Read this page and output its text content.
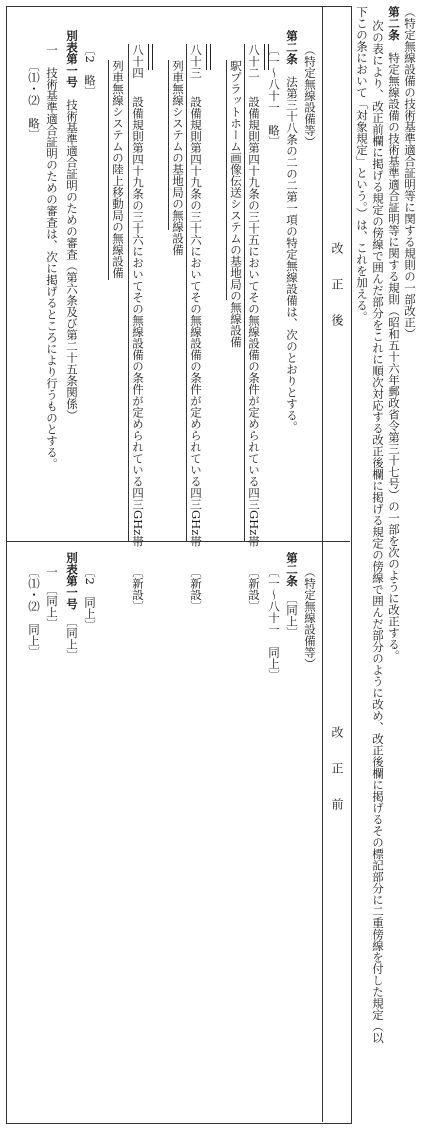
改　　正　　後
改　　正　　前
（特定無線設備等）
第二条　法第三十八条の二の二第一項の特定無線設備は、次のとおりとする。
〔一～八十一　略〕
八十二
設備規則第四十九条の三十五においてその無線設備の条件が定められている四三GHz帯
駅プラットホーム画像伝送システムの基地局の無線設備
八十三
設備規則第四十九条の三十六においてその無線設備の条件が定められている四三GHz帯
列車無線システムの基地局の無線設備
八十四
設備規則第四十九条の三十六においてその無線設備の条件が定められている四三GHz帯
列車無線システムの陸上移動局の無線設備
〔2　略〕
別表第一号　技術基準適合証明のための審査（第六条及び第二十五条関係）
一　技術基準適合証明のための審査は、次に掲げるところにより行うものとする。
〔⑴・⑵　略〕
（特定無線設備等）
第二条　〔同上〕
〔一～八十一　同上〕
〔新設〕
〔新設〕
〔新設〕
〔2　同上〕
別表第一号　〔同上〕
一　〔同上〕
〔⑴・⑵　同上〕
（特定無線設備の技術基準適合証明等に関する規則の一部改正）
第二条　特定無線設備の技術基準適合証明等に関する規則（昭和五十六年郵政省令第三十七号）の一部を次のように改正する。
次の表により、改正前欄に掲げる規定の傍線で囲んだ部分をこれに順次対応する改正後欄に掲げる規定の傍線で囲んだ部分のように改め、改正後欄に掲げるその標記部分に二重傍線を付した規定（以
下この条において「対象規定」という。）は、これを加える。
